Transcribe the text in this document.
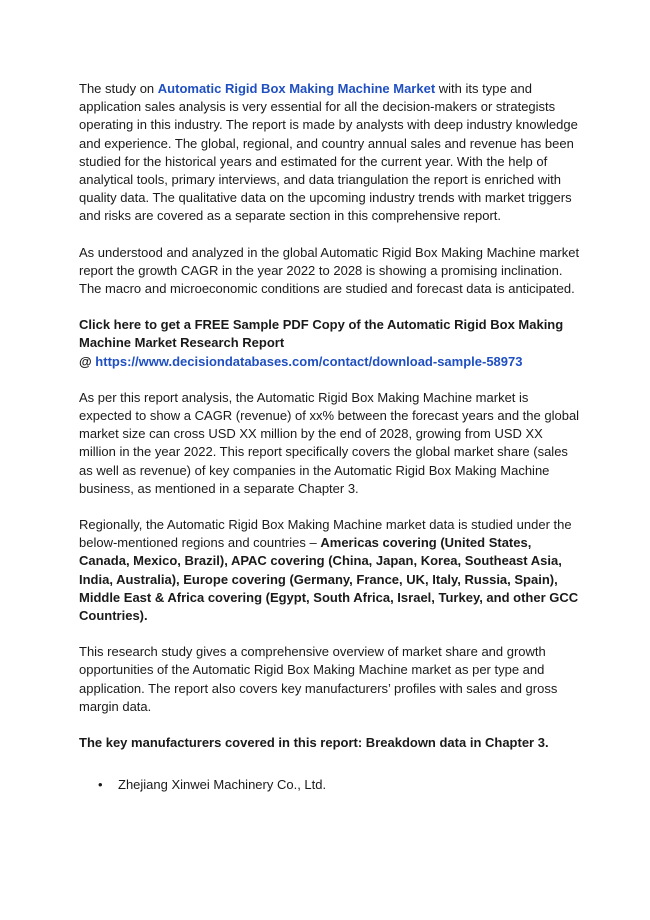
The study on Automatic Rigid Box Making Machine Market with its type and application sales analysis is very essential for all the decision-makers or strategists operating in this industry. The report is made by analysts with deep industry knowledge and experience. The global, regional, and country annual sales and revenue has been studied for the historical years and estimated for the current year. With the help of analytical tools, primary interviews, and data triangulation the report is enriched with quality data. The qualitative data on the upcoming industry trends with market triggers and risks are covered as a separate section in this comprehensive report.

As understood and analyzed in the global Automatic Rigid Box Making Machine market report the growth CAGR in the year 2022 to 2028 is showing a promising inclination. The macro and microeconomic conditions are studied and forecast data is anticipated.

Click here to get a FREE Sample PDF Copy of the Automatic Rigid Box Making Machine Market Research Report
@ https://www.decisiondatabases.com/contact/download-sample-58973

As per this report analysis, the Automatic Rigid Box Making Machine market is expected to show a CAGR (revenue) of xx% between the forecast years and the global market size can cross USD XX million by the end of 2028, growing from USD XX million in the year 2022. This report specifically covers the global market share (sales as well as revenue) of key companies in the Automatic Rigid Box Making Machine business, as mentioned in a separate Chapter 3.

Regionally, the Automatic Rigid Box Making Machine market data is studied under the below-mentioned regions and countries – Americas covering (United States, Canada, Mexico, Brazil), APAC covering (China, Japan, Korea, Southeast Asia, India, Australia), Europe covering (Germany, France, UK, Italy, Russia, Spain), Middle East & Africa covering (Egypt, South Africa, Israel, Turkey, and other GCC Countries).

This research study gives a comprehensive overview of market share and growth opportunities of the Automatic Rigid Box Making Machine market as per type and application. The report also covers key manufacturers’ profiles with sales and gross margin data.

The key manufacturers covered in this report: Breakdown data in Chapter 3.

• Zhejiang Xinwei Machinery Co., Ltd.
